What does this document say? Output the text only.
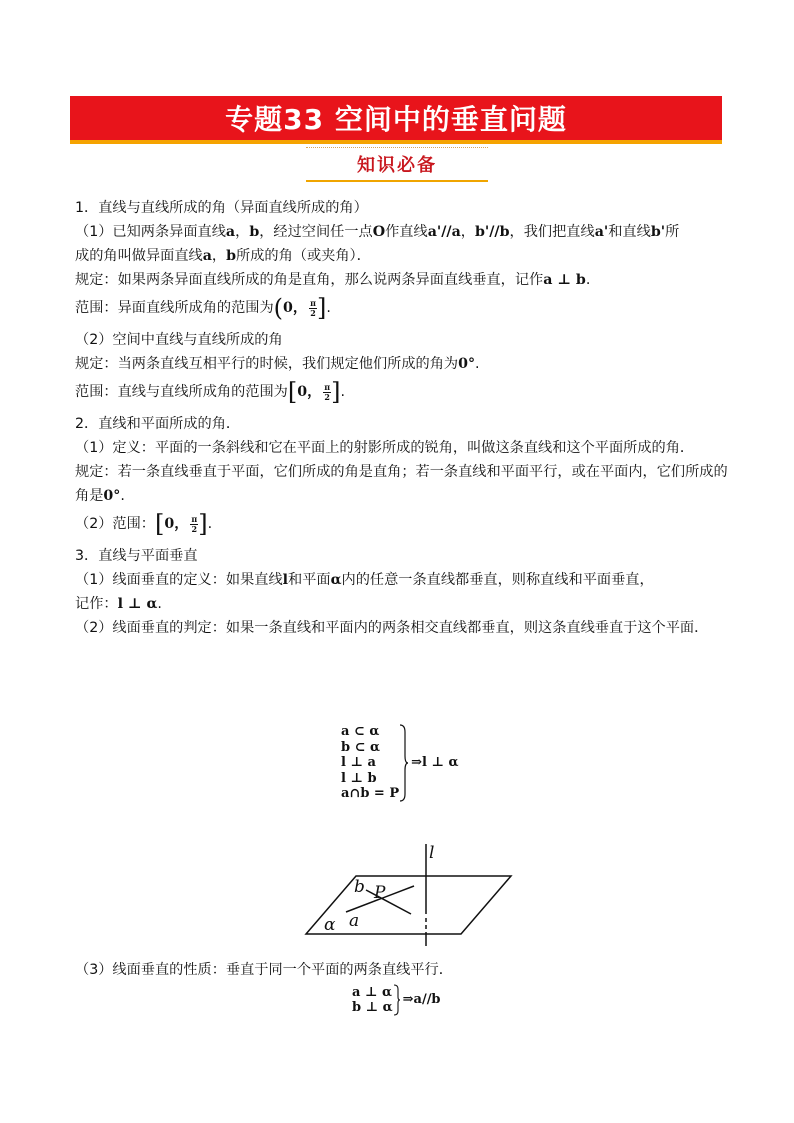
专题33 空间中的垂直问题
知识必备

1．直线与直线所成的角（异面直线所成的角）

（1）已知两条异面直线a，b，经过空间任一点O作直线a'//a，b'//b，我们把直线a'和直线b'所
成的角叫做异面直线a，b所成的角（或夹角）．

规定：如果两条异面直线所成的角是直角，那么说两条异面直线垂直，记作a ⊥ b.

范围：异面直线所成角的范围为 ( 0， $\frac{\pi}{2}$ ] .

（2）空间中直线与直线所成的角

规定：当两条直线互相平行的时候，我们规定他们所成的角为0°.

范围：直线与直线所成角的范围为 [ 0， $\frac{\pi}{2}$ ] .

2．直线和平面所成的角．

（1）定义：平面的一条斜线和它在平面上的射影所成的锐角，叫做这条直线和这个平面所成的角．

规定：若一条直线垂直于平面，它们所成的角是直角；若一条直线和平面平行，或在平面内，它们所成的角是0°.

（2）范围： [ 0， $\frac{\pi}{2}$ ] .

3．直线与平面垂直

（1）线面垂直的定义：如果直线l和平面α内的任意一条直线都垂直，则称直线和平面垂直，
记作：l ⊥ α.

（2）线面垂直的判定：如果一条直线和平面内的两条相交直线都垂直，则这条直线垂直于这个平面．

a ⊂ α
b ⊂ α
l ⊥ a
l ⊥ b
a∩b = P
⇒l ⊥ α
l
b P
a
α

（3）线面垂直的性质：垂直于同一个平面的两条直线平行．

a ⊥ α
b ⊥ α
⇒a//b
